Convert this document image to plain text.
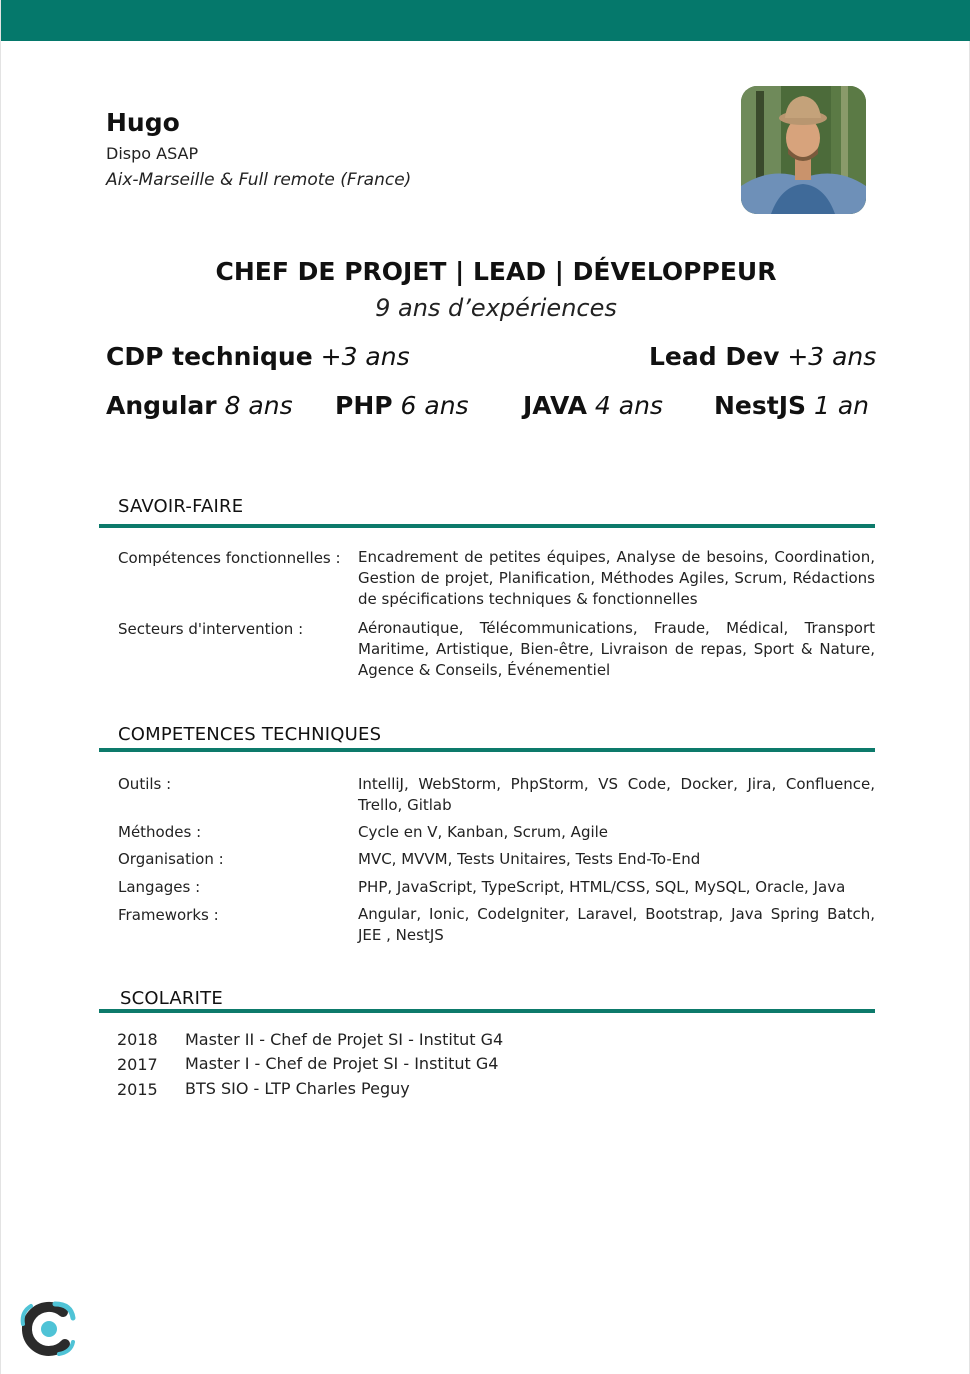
Hugo
Dispo ASAP
Aix-Marseille & Full remote (France)
CHEF DE PROJET | LEAD | DÉVELOPPEUR
9 ans d’expériences
CDP technique +3 ans	Lead Dev +3 ans
Angular 8 ans PHP 6 ans JAVA 4 ans NestJS 1 an
SAVOIR-FAIRE
Compétences fonctionnelles : Encadrement de petites équipes, Analyse de besoins, Coordination, Gestion de projet, Planification, Méthodes Agiles, Scrum, Rédactions de spécifications techniques & fonctionnelles
Secteurs d'intervention :	Aéronautique, Télécommunications, Fraude, Médical, Transport Maritime, Artistique, Bien-être, Livraison de repas, Sport & Nature, Agence & Conseils, Événementiel
COMPETENCES TECHNIQUES
Outils :	IntelliJ, WebStorm, PhpStorm, VS Code, Docker, Jira, Confluence, Trello, Gitlab
Méthodes :	Cycle en V, Kanban, Scrum, Agile
Organisation :	MVC, MVVM, Tests Unitaires, Tests End-To-End
Langages :	PHP, JavaScript, TypeScript, HTML/CSS, SQL, MySQL, Oracle, Java
Frameworks :	Angular, Ionic, CodeIgniter, Laravel, Bootstrap, Java Spring Batch, JEE , NestJS
SCOLARITE
2018 Master II - Chef de Projet SI - Institut G4
2017 Master I - Chef de Projet SI - Institut G4
2015 BTS SIO - LTP Charles Peguy
